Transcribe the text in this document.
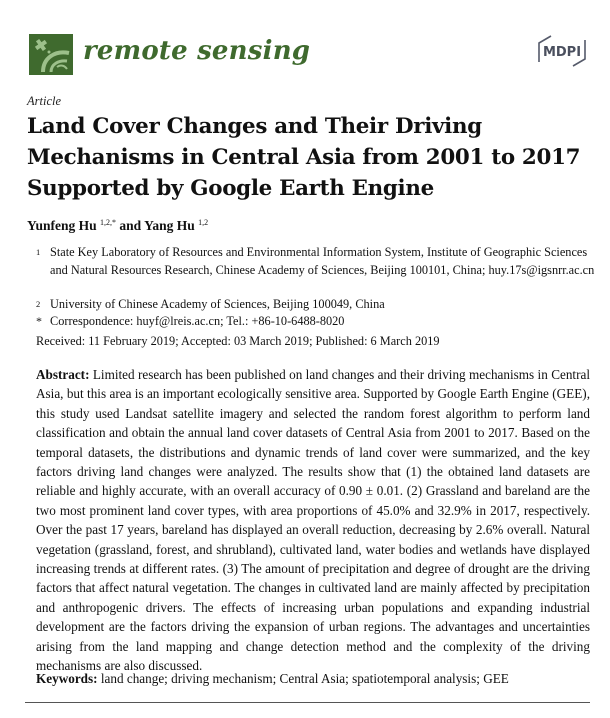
remote sensing	MDPI
Article
Land Cover Changes and Their Driving Mechanisms in Central Asia from 2001 to 2017 Supported by Google Earth Engine
Yunfeng Hu $^{1,2,*}$ and Yang Hu $^{1,2}$
1 State Key Laboratory of Resources and Environmental Information System, Institute of Geographic Sciences and Natural Resources Research, Chinese Academy of Sciences, Beijing 100101, China; huy.17s@igsnrr.ac.cn
2 University of Chinese Academy of Sciences, Beijing 100049, China
* Correspondence: huyf@lreis.ac.cn; Tel.: +86-10-6488-8020
Received: 11 February 2019; Accepted: 03 March 2019; Published: 6 March 2019
Abstract: Limited research has been published on land changes and their driving mechanisms in Central Asia, but this area is an important ecologically sensitive area. Supported by Google Earth Engine (GEE), this study used Landsat satellite imagery and selected the random forest algorithm to perform land classification and obtain the annual land cover datasets of Central Asia from 2001 to 2017. Based on the temporal datasets, the distributions and dynamic trends of land cover were summarized, and the key factors driving land changes were analyzed. The results show that (1) the obtained land datasets are reliable and highly accurate, with an overall accuracy of 0.90 ± 0.01. (2) Grassland and bareland are the two most prominent land cover types, with area proportions of 45.0% and 32.9% in 2017, respectively. Over the past 17 years, bareland has displayed an overall reduction, decreasing by 2.6% overall. Natural vegetation (grassland, forest, and shrubland), cultivated land, water bodies and wetlands have displayed increasing trends at different rates. (3) The amount of precipitation and degree of drought are the driving factors that affect natural vegetation. The changes in cultivated land are mainly affected by precipitation and anthropogenic drivers. The effects of increasing urban populations and expanding industrial development are the factors driving the expansion of urban regions. The advantages and uncertainties arising from the land mapping and change detection method and the complexity of the driving mechanisms are also discussed.
Keywords: land change; driving mechanism; Central Asia; spatiotemporal analysis; GEE
